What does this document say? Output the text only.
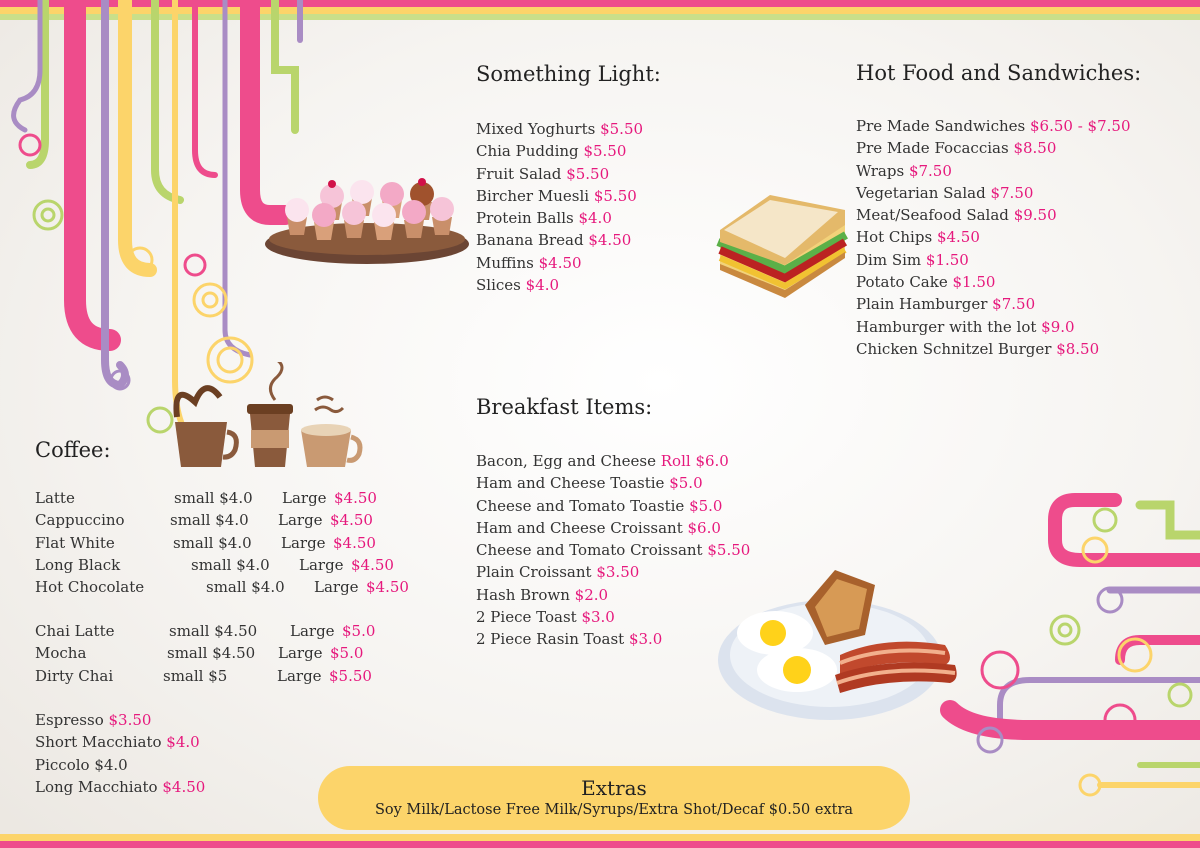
Something Light:
Mixed Yoghurts $5.50
Chia Pudding $5.50
Fruit Salad $5.50
Bircher Muesli $5.50
Protein Balls $4.0
Banana Bread $4.50
Muffins $4.50
Slices $4.0
Hot Food and Sandwiches:
Pre Made Sandwiches $6.50 - $7.50
Pre Made Focaccias $8.50
Wraps $7.50
Vegetarian Salad $7.50
Meat/Seafood Salad $9.50
Hot Chips $4.50
Dim Sim $1.50
Potato Cake $1.50
Plain Hamburger $7.50
Hamburger with the lot $9.0
Chicken Schnitzel Burger $8.50
Breakfast Items:
Bacon, Egg and Cheese Roll $6.0
Ham and Cheese Toastie $5.0
Cheese and Tomato Toastie $5.0
Ham and Cheese Croissant $6.0
Cheese and Tomato Croissant $5.50
Plain Croissant $3.50
Hash Brown $2.0
2 Piece Toast $3.0
2 Piece Rasin Toast $3.0
Coffee:
Latte	small $4.0 Large $4.50
Cappuccino	small $4.0 Large $4.50
Flat White	small $4.0 Large $4.50
Long Black	small $4.0 Large $4.50
Hot Chocolate	small $4.0 Large $4.50
Chai Latte	small $4.50 Large $5.0
Mocha	small $4.50 Large $5.0
Dirty Chai	small $5	Large $5.50
Espresso $3.50
Short Macchiato $4.0
Piccolo $4.0
Long Macchiato $4.50	Extras
Soy Milk/Lactose Free Milk/Syrups/Extra Shot/Decaf $0.50 extra
